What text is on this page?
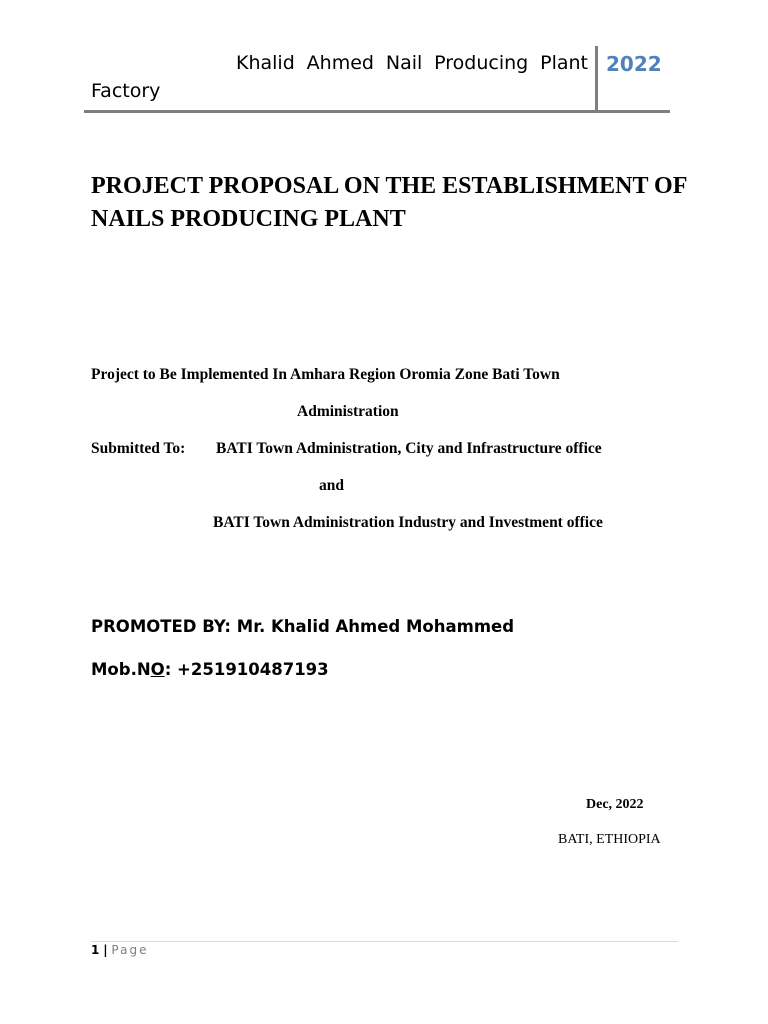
Khalid Ahmed Nail Producing Plant
Factory
2022
PROJECT PROPOSAL ON THE ESTABLISHMENT OF NAILS PRODUCING PLANT
Project to Be Implemented In Amhara Region Oromia Zone Bati Town
Administration
Submitted To: BATI Town Administration, City and Infrastructure office
and
BATI Town Administration Industry and Investment office
PROMOTED BY: Mr. Khalid Ahmed Mohammed
Mob.NO: +251910487193
Dec, 2022
BATI, ETHIOPIA
1 | Page
